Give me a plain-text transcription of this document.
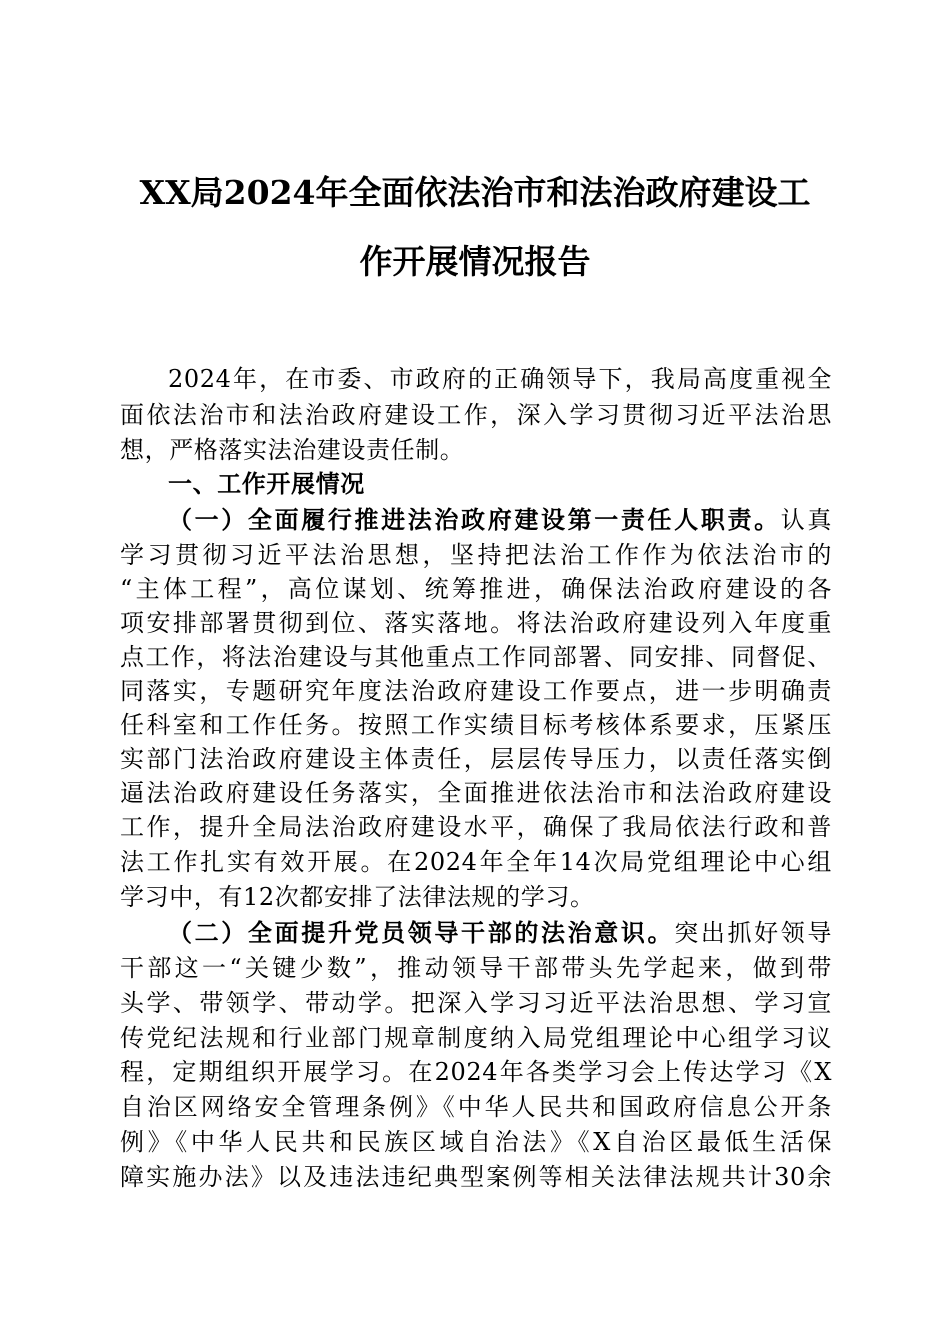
XX局2024年全面依法治市和法治政府建设工
作开展情况报告
2024年，在市委、市政府的正确领导下，我局高度重视全
面依法治市和法治政府建设工作，深入学习贯彻习近平法治思
想，严格落实法治建设责任制。
一、工作开展情况
（一）全面履行推进法治政府建设第一责任人职责。认真
学习贯彻习近平法治思想，坚持把法治工作作为依法治市的
“主体工程”，高位谋划、统筹推进，确保法治政府建设的各
项安排部署贯彻到位、落实落地。将法治政府建设列入年度重
点工作，将法治建设与其他重点工作同部署、同安排、同督促、
同落实，专题研究年度法治政府建设工作要点，进一步明确责
任科室和工作任务。按照工作实绩目标考核体系要求，压紧压
实部门法治政府建设主体责任，层层传导压力，以责任落实倒
逼法治政府建设任务落实，全面推进依法治市和法治政府建设
工作，提升全局法治政府建设水平，确保了我局依法行政和普
法工作扎实有效开展。在2024年全年14次局党组理论中心组
学习中，有12次都安排了法律法规的学习。
（二）全面提升党员领导干部的法治意识。突出抓好领导
干部这一“关键少数”，推动领导干部带头先学起来，做到带
头学、带领学、带动学。把深入学习习近平法治思想、学习宣
传党纪法规和行业部门规章制度纳入局党组理论中心组学习议
程，定期组织开展学习。在2024年各类学习会上传达学习《X
自治区网络安全管理条例》《中华人民共和国政府信息公开条
例》《中华人民共和民族区域自治法》《X自治区最低生活保
障实施办法》以及违法违纪典型案例等相关法律法规共计30余
